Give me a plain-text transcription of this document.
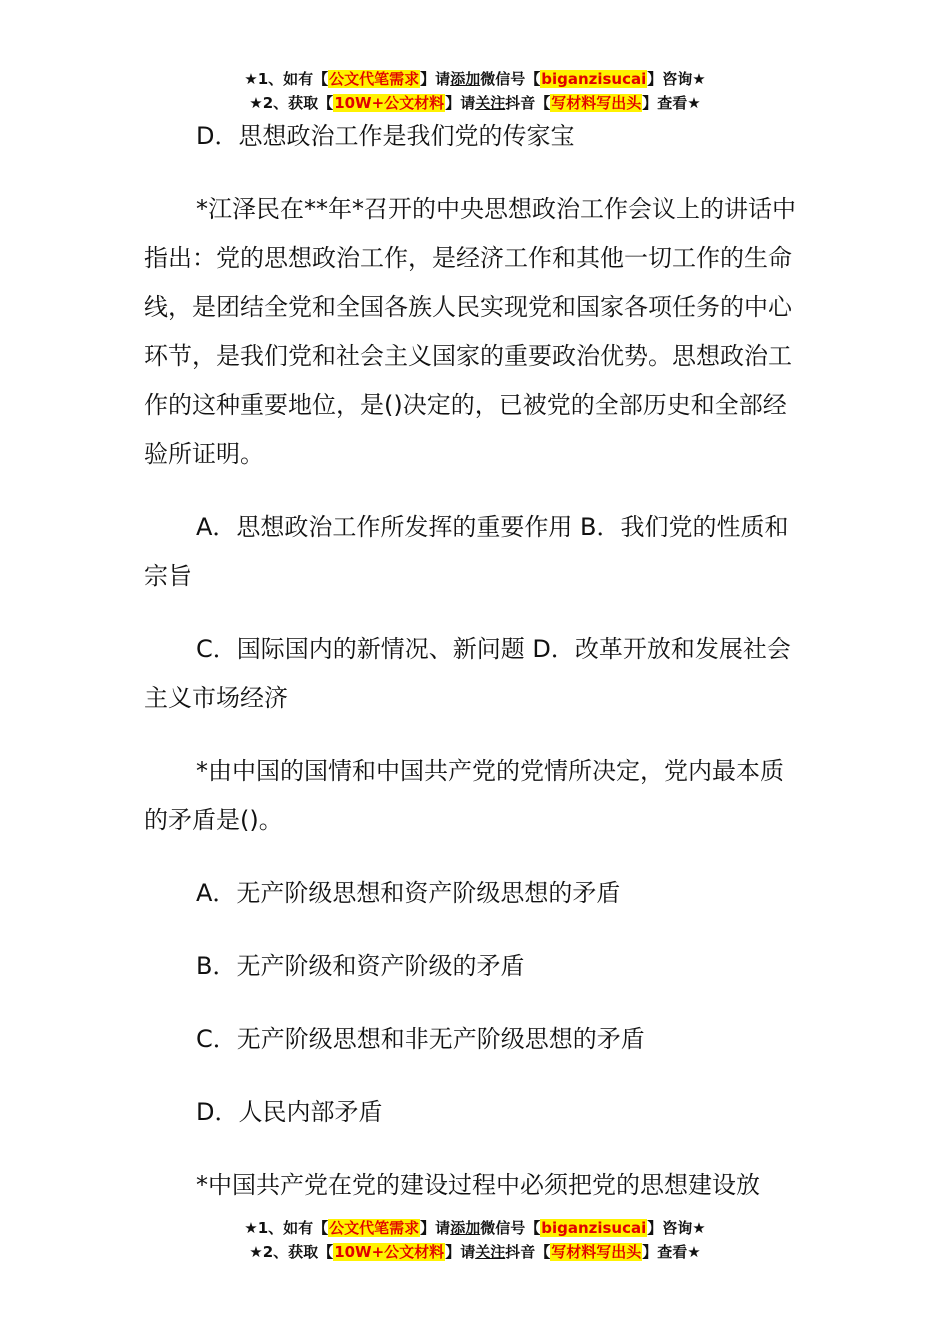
★1、如有【公文代笔需求】请添加微信号【biganzisucai】咨询★
★2、获取【10W+公文材料】请关注抖音【写材料写出头】查看★

D．思想政治工作是我们党的传家宝

*江泽民在**年*召开的中央思想政治工作会议上的讲话中指出：党的思想政治工作，是经济工作和其他一切工作的生命线，是团结全党和全国各族人民实现党和国家各项任务的中心环节，是我们党和社会主义国家的重要政治优势。思想政治工作的这种重要地位，是()决定的，已被党的全部历史和全部经验所证明。

A．思想政治工作所发挥的重要作用 B．我们党的性质和宗旨

C．国际国内的新情况、新问题 D．改革开放和发展社会主义市场经济

*由中国的国情和中国共产党的党情所决定，党内最本质的矛盾是()。

A．无产阶级思想和资产阶级思想的矛盾

B．无产阶级和资产阶级的矛盾

C．无产阶级思想和非无产阶级思想的矛盾

D．人民内部矛盾

*中国共产党在党的建设过程中必须把党的思想建设放

★1、如有【公文代笔需求】请添加微信号【biganzisucai】咨询★
★2、获取【10W+公文材料】请关注抖音【写材料写出头】查看★
